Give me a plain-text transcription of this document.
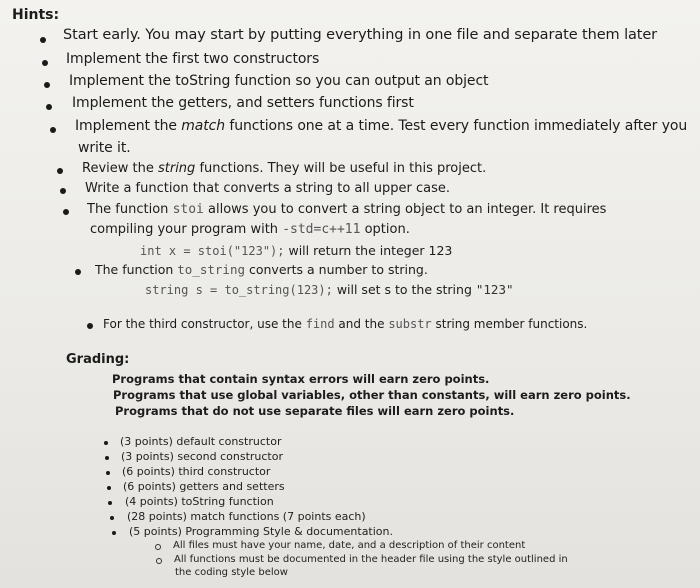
Hints:
Start early. You may start by putting everything in one file and separate them later
Implement the first two constructors
Implement the toString function so you can output an object
Implement the getters, and setters functions first
Implement the match functions one at a time. Test every function immediately after you
write it.
Review the string functions. They will be useful in this project.
Write a function that converts a string to all upper case.
The function stoi allows you to convert a string object to an integer. It requires
compiling your program with -std=c++11 option.
int x = stoi("123"); will return the integer 123
The function to_string converts a number to string.
string s = to_string(123); will set s to the string "123"
For the third constructor, use the find and the substr string member functions.
Grading:
Programs that contain syntax errors will earn zero points.
Programs that use global variables, other than constants, will earn zero points.
Programs that do not use separate files will earn zero points.
(3 points) default constructor
(3 points) second constructor
(6 points) third constructor
(6 points) getters and setters
(4 points) toString function
(28 points) match functions (7 points each)
(5 points) Programming Style & documentation.
All files must have your name, date, and a description of their content
All functions must be documented in the header file using the style outlined in
the coding style below
